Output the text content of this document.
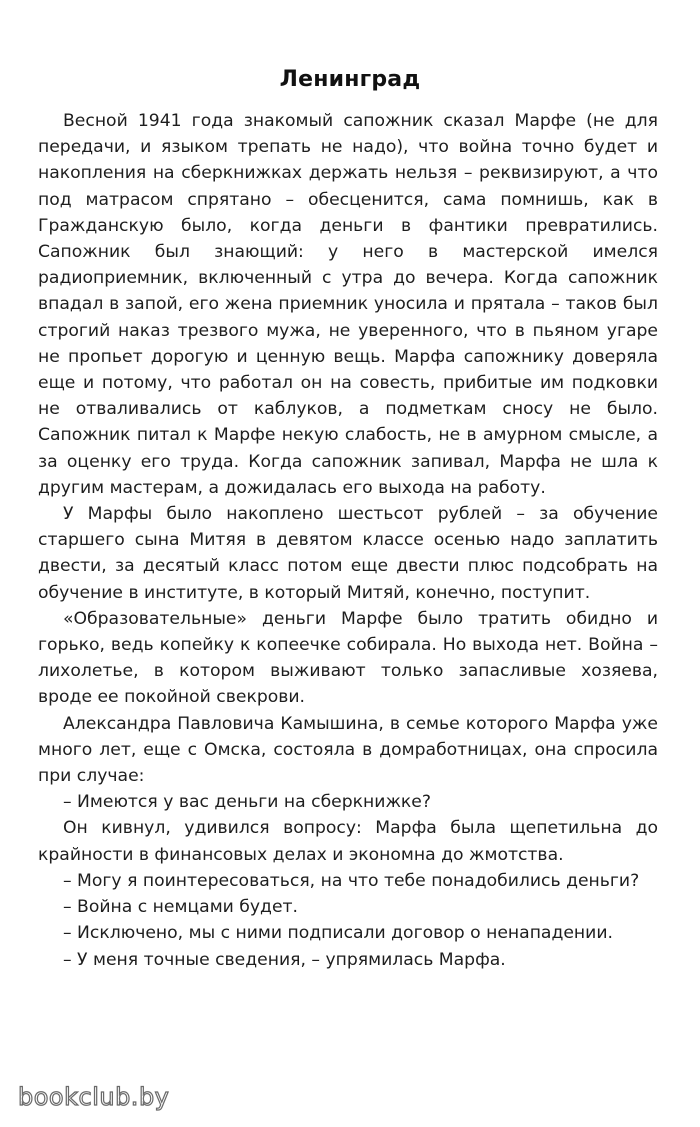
Ленинград

Весной 1941 года знакомый сапожник сказал Марфе (не для передачи, и языком трепать не надо), что война точно будет и накопления на сберкнижках держать нельзя – реквизируют, а что под матрасом спрятано – обесценится, сама помнишь, как в Гражданскую было, когда деньги в фантики превратились. Сапожник был знающий: у него в мастерской имелся радиоприемник, включенный с утра до вечера. Когда сапожник впадал в запой, его жена приемник уносила и прятала – таков был строгий наказ трезвого мужа, не уверенного, что в пьяном угаре не пропьет дорогую и ценную вещь. Марфа сапожнику доверяла еще и потому, что работал он на совесть, прибитые им подковки не отваливались от каблуков, а подметкам сносу не было. Сапожник питал к Марфе некую слабость, не в амурном смысле, а за оценку его труда. Когда сапожник запивал, Марфа не шла к другим мастерам, а дожидалась его выхода на работу.

У Марфы было накоплено шестьсот рублей – за обучение старшего сына Митяя в девятом классе осенью надо заплатить двести, за десятый класс потом еще двести плюс подсобрать на обучение в институте, в который Митяй, конечно, поступит.

«Образовательные» деньги Марфе было тратить обидно и горько, ведь копейку к копеечке собирала. Но выхода нет. Война – лихолетье, в котором выживают только запасливые хозяева, вроде ее покойной свекрови.

Александра Павловича Камышина, в семье которого Марфа уже много лет, еще с Омска, состояла в домработницах, она спросила при случае:

– Имеются у вас деньги на сберкнижке?

Он кивнул, удивился вопросу: Марфа была щепетильна до крайности в финансовых делах и экономна до жмотства.

– Могу я поинтересоваться, на что тебе понадобились деньги?

– Война с немцами будет.

– Исключено, мы с ними подписали договор о ненападении.

– У меня точные сведения, – упрямилась Марфа.

bookclub.by
